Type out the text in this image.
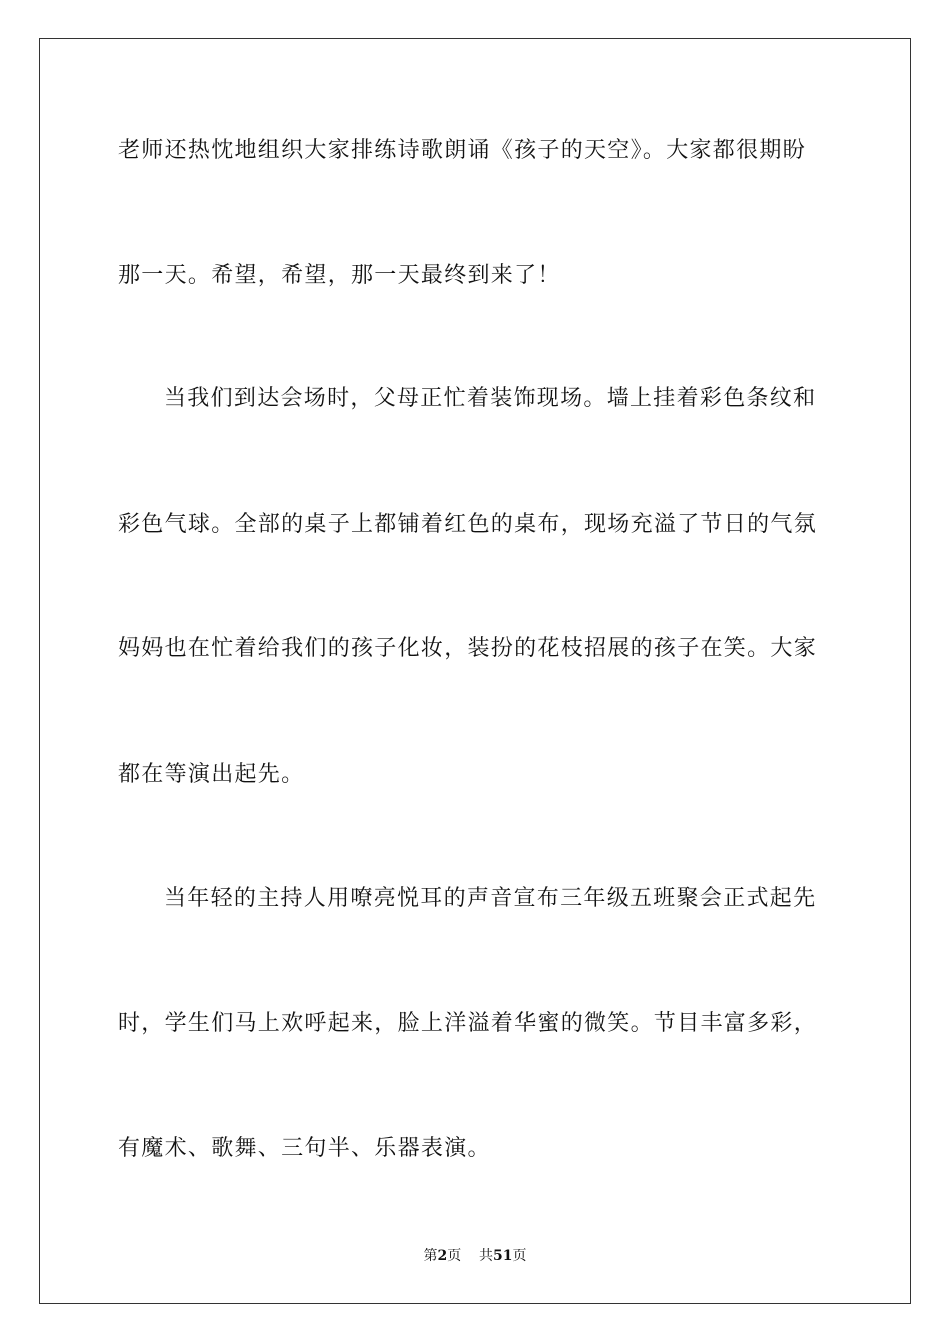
老师还热忱地组织大家排练诗歌朗诵《孩子的天空》。大家都很期盼
那一天。希望，希望，那一天最终到来了！
当我们到达会场时，父母正忙着装饰现场。墙上挂着彩色条纹和
彩色气球。全部的桌子上都铺着红色的桌布，现场充溢了节日的气氛
妈妈也在忙着给我们的孩子化妆，装扮的花枝招展的孩子在笑。大家
都在等演出起先。
当年轻的主持人用嘹亮悦耳的声音宣布三年级五班聚会正式起先
时，学生们马上欢呼起来，脸上洋溢着华蜜的微笑。节目丰富多彩，
有魔术、歌舞、三句半、乐器表演。
第2页 共51页
